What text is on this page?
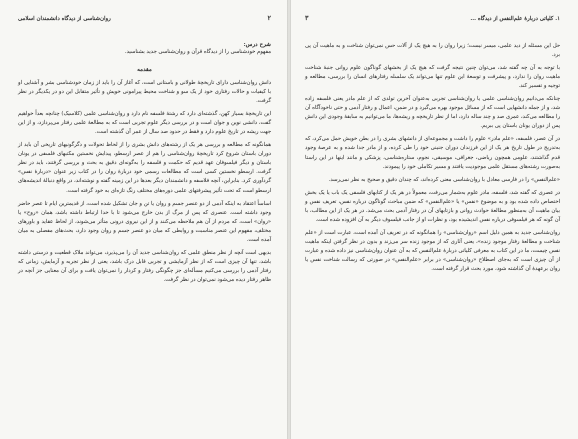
۲
روان‌شناسی از دیدگاه دانشمندان اسلامی

شرح درس:

مفهوم خودشناسی را از دیدگاه قرآن و روان‌شناسی جدید بشناسید.

مقدمه

دانش روان‌شناسی دارای تاریخچهٔ طولانی و باستانی است، که آغاز آن را باید از زمان خودشناسی بشر و آشنایی او با کیفیات و حالات رفتاری خود از یک سو و شناخت محیط پیرامونی خویش و تأثیر متقابل این دو در یکدیگر در نظر گرفت.

این تاریخچهٔ بسیار کهن، گذشته‌ای دارد که رشتهٔ فلسفه نام دارد و روان‌شناسی علمی (کلاسیک) چنانچه بعداً خواهیم گفت، دانشی نوین و جوان است و در بررسی دیگر علوم تجربی است که به مطالعهٔ علمی رفتار می‌پردازد، و از این جهت ریشه در تاریخ علوم دارد و فقط در حدود صد سال از عمر آن گذشته است.

همانگونه که مطالعه و بررسی هر یک از رشته‌های دانش بشری را از لحاظ تحولات و دگرگونیهای تاریخی آن باید از دوران باستان شروع کرد تاریخچهٔ روان‌شناسی را هم از عصر ارسطو، پیدایش نخستین مکتبهای فلسفی در یونان باستان و دیگر فیلسوفان عهد قدیم که حکمت و فلسفه را به‌گونه‌ای دقیق به بحث و بررسی گرفتند، باید در نظر گرفت. ارسطو نخستین کسی است که مطالعات رسمی خود دربارهٔ روان را در کتاب زیر عنوان «دربارهٔ نفس» گردآوری کرد. بنابراین، آنچه فلاسفه و دانشمندان دیگر بعدها در این زمینه گفته و نوشته‌اند، در واقع دنبالهٔ اندیشه‌های ارسطو است که تحت تأثیر پیشرفتهای علمی دوره‌های مختلف رنگ تازه‌ای به خود گرفته است.

اساساً اعتقاد به اینکه آدمی از دو عنصر جسم و روان یا تن و جان تشکیل شده است، از قدیمترین ایام تا عصر حاضر وجود داشته است. عنصری که پس از مرگ از بدن خارج می‌شود تا با خدا ارتباط داشته باشد، همان «روح» یا «روان» است، که مردم از آن هم ملاحظه می‌کنند و از این نیروی درونی متأثر می‌شوند، از لحاظ عقاید و باورهای مختلف، مفهوم این عنصر مناسبت و روابطی که میان دو عنصر جسم و روان وجود دارد، بحث‌های مفصلی به میان آمده است.

بدیهی است آنچه از نظر منطق علمی که روان‌شناسی جدید آن را می‌پذیرد، می‌تواند ملاک قطعیت و درستی داشته باشد، تنها آن چیزی است که از نظر آزمایشی و تجربی قابل درک باشد، یعنی از نظر تجربه و آزمایش، زمانی که رفتار آدمی را بررسی می‌کنیم مسأله‌ای جز چگونگی رفتار و کردار را نمی‌توان یافت و برای آن معنایی جز آنچه در ظاهر رفتار دیده می‌شود نمی‌توان در نظر گرفت.

۱. کلیاتی دربارهٔ علم‌النفس از دیدگاه ...
۳

حل این مسئله از دید علمی، میسر نیست؛ زیرا روان را به هیچ یک از آلات حس نمی‌توان شناخت و به ماهیت آن پی برد.

با توجه به آن چه گفته شد، می‌توان چنین نتیجه گرفت که هیچ یک از بخشهای گوناگون علوم روانی جنبهٔ شناخت ماهیت روان را ندارد، و پیشرفت و توسعهٔ این علوم تنها می‌تواند یک سلسله رفتارهای انسان را بررسی، مطالعه و توجیه و تفسیر کند.

چنانکه می‌دانیم روان‌شناسی علمی یا روان‌شناسی تجربی به‌عنوان آخرین تولدی که از علم مادر یعنی فلسفه زاده شد، و از جمله دانشهایی است که از مسائل موجود بهره می‌گیرد و در ضمن، اعمال و رفتار آدمی و حتی ناخودآگاه آن را مطالعه می‌کند، عمری صد و چند ساله دارد، اما از نظر تاریخچه و ریشه‌ها، ما می‌توانیم به سابقهٔ وجودی این دانش پس از دوران یونان باستان پی ببریم.

در آن عصر، فلسفه، «علم مادر» علوم را داشت و مجموعه‌ای از دانشهای بشری را در بطن خویش حمل می‌کرد، که به‌تدریج در طول تاریخ هر یک از این فرزندان دوران جنینی خود را طی کرده، و از مادر جدا شده و به عرصهٔ وجود قدم گذاشتند، علومی همچون ریاضی، جغرافی، موسیقی، نجوم، ستاره‌شناسی، پزشکی و مانند اینها در این راستا به‌صورت رشته‌های مستقل علمی موجودیت یافتند و مسیر تکاملی خود را پیمودند.

«علم‌النفس» را در فارسی معادل با روان‌شناسی معنی کرده‌اند، که چندان دقیق و صحیح به نظر نمی‌رسد.

در عصری که گفته شد، فلسفه، مادر علوم به‌شمار می‌رفت، معمولاً در هر یک از کتابهای فلسفی یک باب یا یک بخش اختصاص داده شده بود و به موضوع «نفس» یا «علم‌النفس» که ضمن مباحث گوناگون درباره نفس، تعریف نفس و بیان ماهیت آن به‌منظور مطالعهٔ حوادث روانی و بازتابهای آن در رفتار آدمی بحث می‌شد. در هر یک از این مطالب، با آن گونه که هر فیلسوفی درباره نفس اندیشیده بود، و نظرات او از جانب فیلسوف دیگر به آن افزوده شده است.

روان‌شناسی جدید به همین دلیل اسم «روان‌شناسی» را همانگونه که در تعریف آن آمده است، عبارت است از «علم شناخت و مطالعهٔ رفتار موجود زنده»، یعنی آثاری که از موجود زنده سر می‌زند و بدون در نظر گرفتن اینکه ماهیت نفس چیست، ما در این کتاب به معرفی کلیاتی دربارهٔ علم‌النفس که به آن عنوان روان‌شناسی نیز داده شده و عبارت از آن چیزی است که به‌جای اصطلاح «روان‌شناسی» در برابر «علم‌النفس» در صورتی که رسالت شناخت نفس یا روان برعهدهٔ آن گذاشته شود، مورد بحث قرار گرفته است.
